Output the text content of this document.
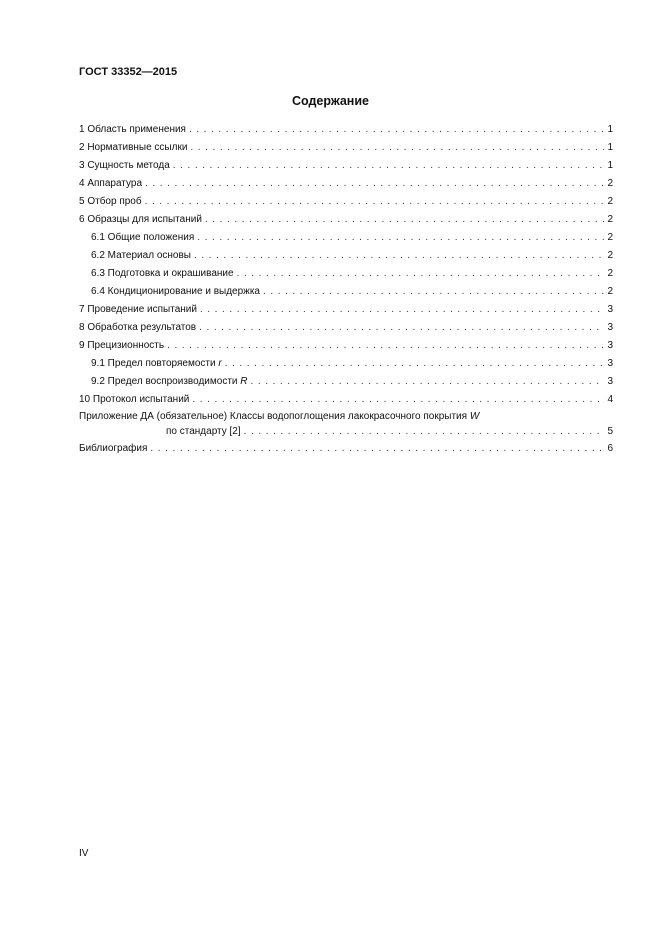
ГОСТ 33352—2015
Содержание
1 Область применения . . .	1
2 Нормативные ссылки . . .	1
3 Сущность метода . . .	1
4 Аппаратура . . .	2
5 Отбор проб . . .	2
6 Образцы для испытаний . . .	2
6.1 Общие положения . . .	2
6.2 Материал основы . . .	2
6.3 Подготовка и окрашивание . . .	2
6.4 Кондиционирование и выдержка . . .	2
7 Проведение испытаний . . .	3
8 Обработка результатов . . .	3
9 Прецизионность . . .	3
9.1 Предел повторяемости r . . .	3
9.2 Предел воспроизводимости R . . .	3
10 Протокол испытаний . . .	4
Приложение ДА (обязательное) Классы водопоглощения лакокрасочного покрытия W
по стандарту [2] . . .	5
Библиография . . .	6
IV
